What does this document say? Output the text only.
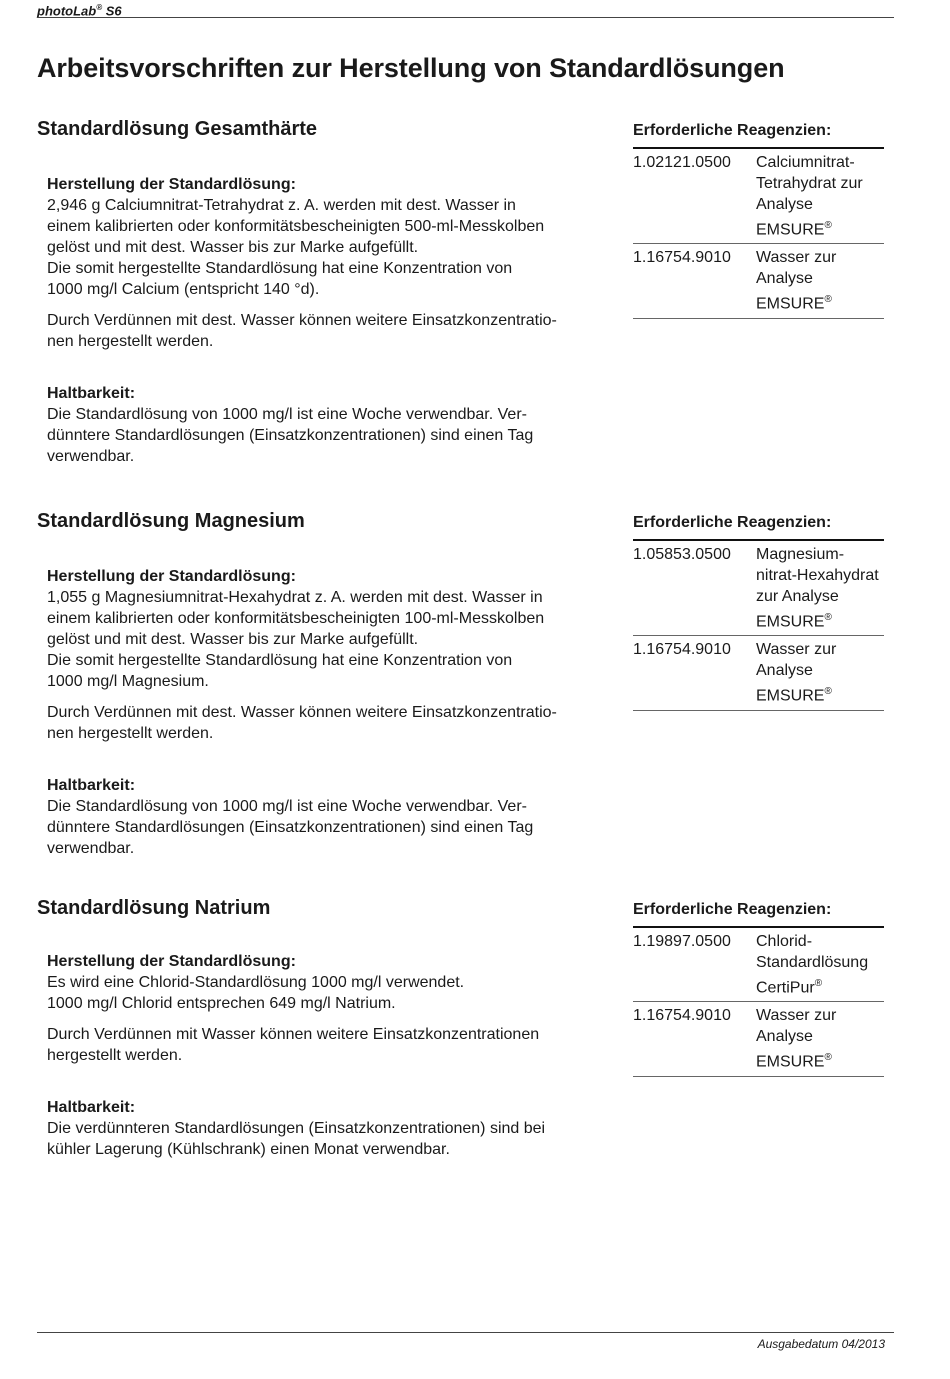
photoLab® S6
Arbeitsvorschriften zur Herstellung von Standardlösungen
Standardlösung Gesamthärte

Herstellung der Standardlösung:

2,946 g Calciumnitrat-Tetrahydrat z. A. werden mit dest. Wasser in

einem kalibrierten oder konformitätsbescheinigten 500-ml-Messkolben

gelöst und mit dest. Wasser bis zur Marke aufgefüllt.

Die somit hergestellte Standardlösung hat eine Konzentration von

1000 mg/l Calcium (entspricht 140 °d).

Durch Verdünnen mit dest. Wasser können weitere Einsatzkonzentratio-

nen hergestellt werden.

Haltbarkeit:

Die Standardlösung von 1000 mg/l ist eine Woche verwendbar. Ver-

dünntere Standardlösungen (Einsatzkonzentrationen) sind einen Tag

verwendbar.

Erforderliche Reagenzien:
1.02121.0500	Calciumnitrat-
Tetrahydrat zur
Analyse
EMSURE®
1.16754.9010	Wasser zur
Analyse
EMSURE®
Standardlösung Magnesium

Herstellung der Standardlösung:

1,055 g Magnesiumnitrat-Hexahydrat z. A. werden mit dest. Wasser in

einem kalibrierten oder konformitätsbescheinigten 100-ml-Messkolben

gelöst und mit dest. Wasser bis zur Marke aufgefüllt.

Die somit hergestellte Standardlösung hat eine Konzentration von

1000 mg/l Magnesium.

Durch Verdünnen mit dest. Wasser können weitere Einsatzkonzentratio-

nen hergestellt werden.

Haltbarkeit:

Die Standardlösung von 1000 mg/l ist eine Woche verwendbar. Ver-

dünntere Standardlösungen (Einsatzkonzentrationen) sind einen Tag

verwendbar.

Erforderliche Reagenzien:
1.05853.0500	Magnesium-
nitrat-Hexahydrat
zur Analyse
EMSURE®
1.16754.9010	Wasser zur
Analyse
EMSURE®
Standardlösung Natrium

Herstellung der Standardlösung:

Es wird eine Chlorid-Standardlösung 1000 mg/l verwendet.

1000 mg/l Chlorid entsprechen 649 mg/l Natrium.

Durch Verdünnen mit Wasser können weitere Einsatzkonzentrationen

hergestellt werden.

Haltbarkeit:

Die verdünnteren Standardlösungen (Einsatzkonzentrationen) sind bei

kühler Lagerung (Kühlschrank) einen Monat verwendbar.

Erforderliche Reagenzien:
1.19897.0500	Chlorid-
Standardlösung
CertiPur®
1.16754.9010	Wasser zur
Analyse
EMSURE®
Ausgabedatum 04/2013
